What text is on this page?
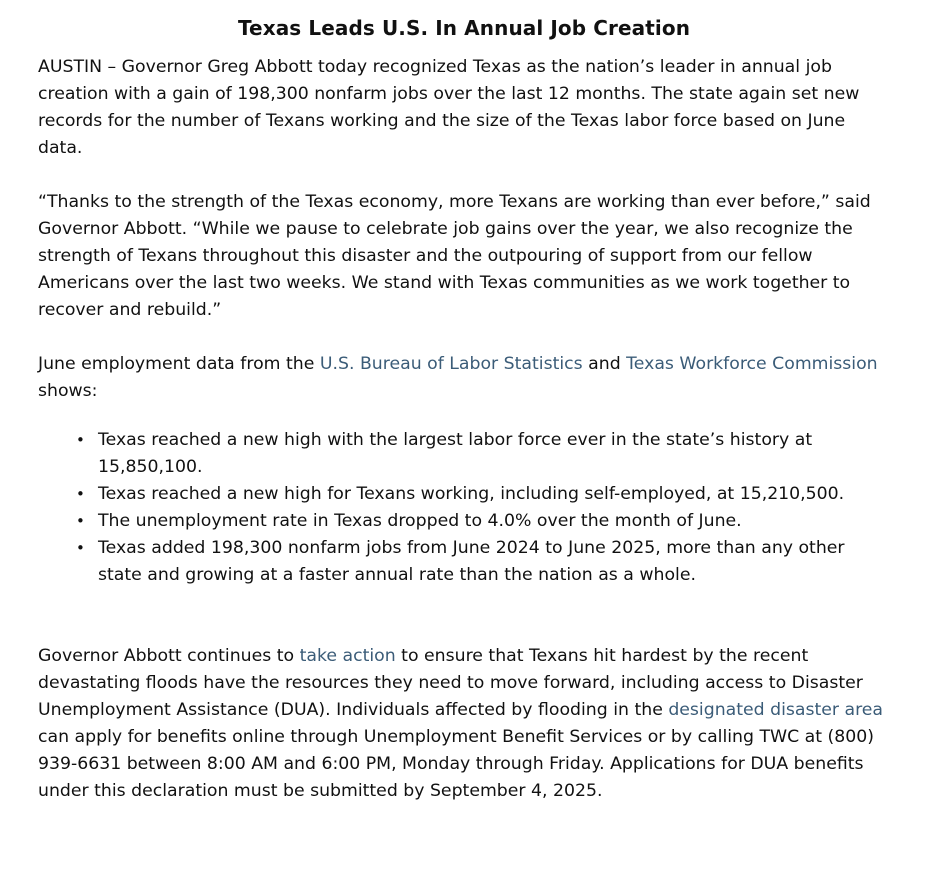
Texas Leads U.S. In Annual Job Creation

AUSTIN – Governor Greg Abbott today recognized Texas as the nation’s leader in annual job creation with a gain of 198,300 nonfarm jobs over the last 12 months. The state again set new records for the number of Texans working and the size of the Texas labor force based on June data.

“Thanks to the strength of the Texas economy, more Texans are working than ever before,” said Governor Abbott. “While we pause to celebrate job gains over the year, we also recognize the strength of Texans throughout this disaster and the outpouring of support from our fellow Americans over the last two weeks. We stand with Texas communities as we work together to recover and rebuild.”

June employment data from the U.S. Bureau of Labor Statistics and Texas Workforce Commission shows:

• Texas reached a new high with the largest labor force ever in the state’s history at 15,850,100.
• Texas reached a new high for Texans working, including self-employed, at 15,210,500.
• The unemployment rate in Texas dropped to 4.0% over the month of June.
• Texas added 198,300 nonfarm jobs from June 2024 to June 2025, more than any other state and growing at a faster annual rate than the nation as a whole.

Governor Abbott continues to take action to ensure that Texans hit hardest by the recent devastating floods have the resources they need to move forward, including access to Disaster Unemployment Assistance (DUA). Individuals affected by flooding in the designated disaster area can apply for benefits online through Unemployment Benefit Services or by calling TWC at (800) 939-6631 between 8:00 AM and 6:00 PM, Monday through Friday. Applications for DUA benefits under this declaration must be submitted by September 4, 2025.
